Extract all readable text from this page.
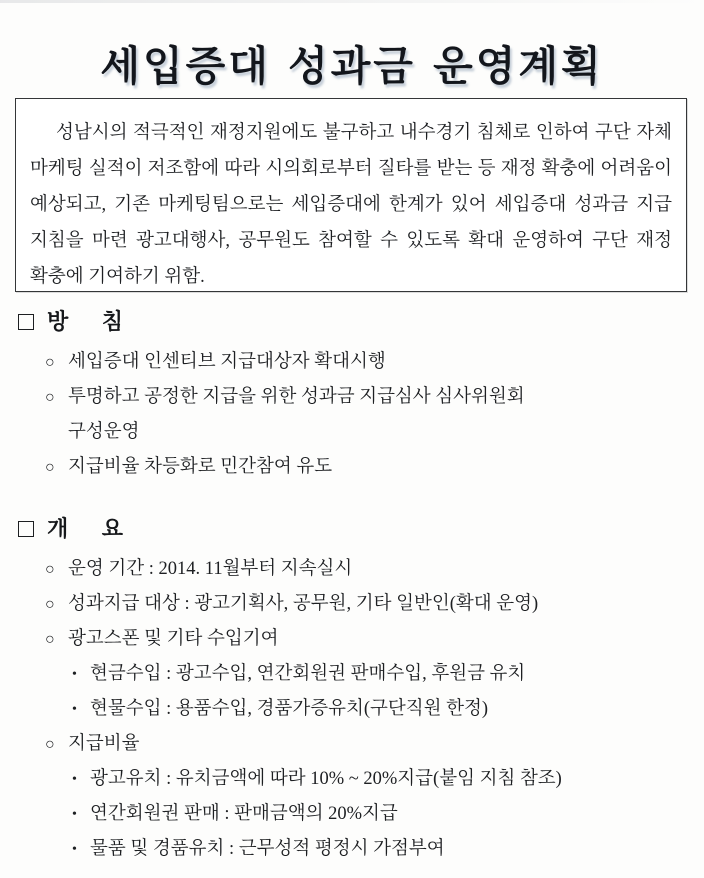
세입증대 성과금 운영계획

성남시의 적극적인 재정지원에도 불구하고 내수경기 침체로 인하여 구단 자체 마케팅 실적이 저조함에 따라 시의회로부터 질타를 받는 등 재정 확충에 어려움이 예상되고, 기존 마케팅팀으로는 세입증대에 한계가 있어 세입증대 성과금 지급 지침을 마련 광고대행사, 공무원도 참여할 수 있도록 확대 운영하여 구단 재정 확충에 기여하기 위함.

방 침
○ 세입증대 인센티브 지급대상자 확대시행
○ 투명하고 공정한 지급을 위한 성과금 지급심사 심사위원회
구성운영
○ 지급비율 차등화로 민간참여 유도
개 요
○ 운영 기간 : 2014. 11월부터 지속실시
○ 성과지급 대상 : 광고기획사, 공무원, 기타 일반인(확대 운영)
○ 광고스폰 및 기타 수입기여
• 현금수입 : 광고수입, 연간회원권 판매수입, 후원금 유치
• 현물수입 : 용품수입, 경품가증유치(구단직원 한정)
○ 지급비율
• 광고유치 : 유치금액에 따라 10% ~ 20%지급(붙임 지침 참조)
• 연간회원권 판매 : 판매금액의 20%지급
• 물품 및 경품유치 : 근무성적 평정시 가점부여
